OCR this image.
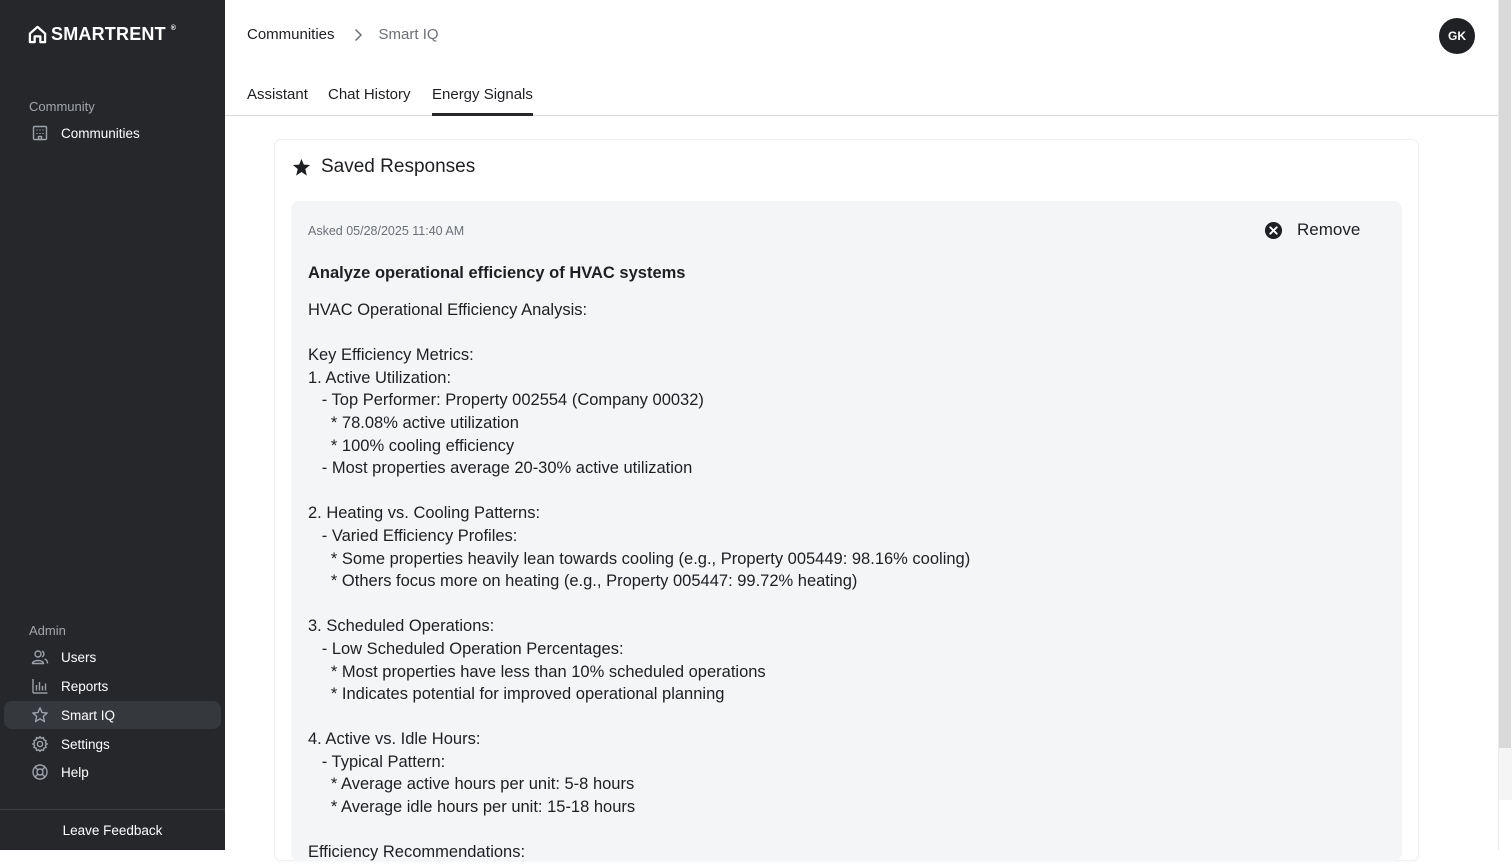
SMARTRENT ®
Community
Communities
Admin
Users
Reports
Smart IQ
Settings
Help
Leave Feedback
Communities	Smart IQ	GK
Assistant Chat History Energy Signals
Saved Responses
Asked 05/28/2025 11:40 AM	Remove
Analyze operational efficiency of HVAC systems
HVAC Operational Efficiency Analysis:

Key Efficiency Metrics:
1. Active Utilization:
- Top Performer: Property 002554 (Company 00032)
* 78.08% active utilization
* 100% cooling efficiency
- Most properties average 20-30% active utilization

2. Heating vs. Cooling Patterns:
- Varied Efficiency Profiles:
* Some properties heavily lean towards cooling (e.g., Property 005449: 98.16% cooling)
* Others focus more on heating (e.g., Property 005447: 99.72% heating)

3. Scheduled Operations:
- Low Scheduled Operation Percentages:
* Most properties have less than 10% scheduled operations
* Indicates potential for improved operational planning

4. Active vs. Idle Hours:
- Typical Pattern:
* Average active hours per unit: 5-8 hours
* Average idle hours per unit: 15-18 hours

Efficiency Recommendations:
